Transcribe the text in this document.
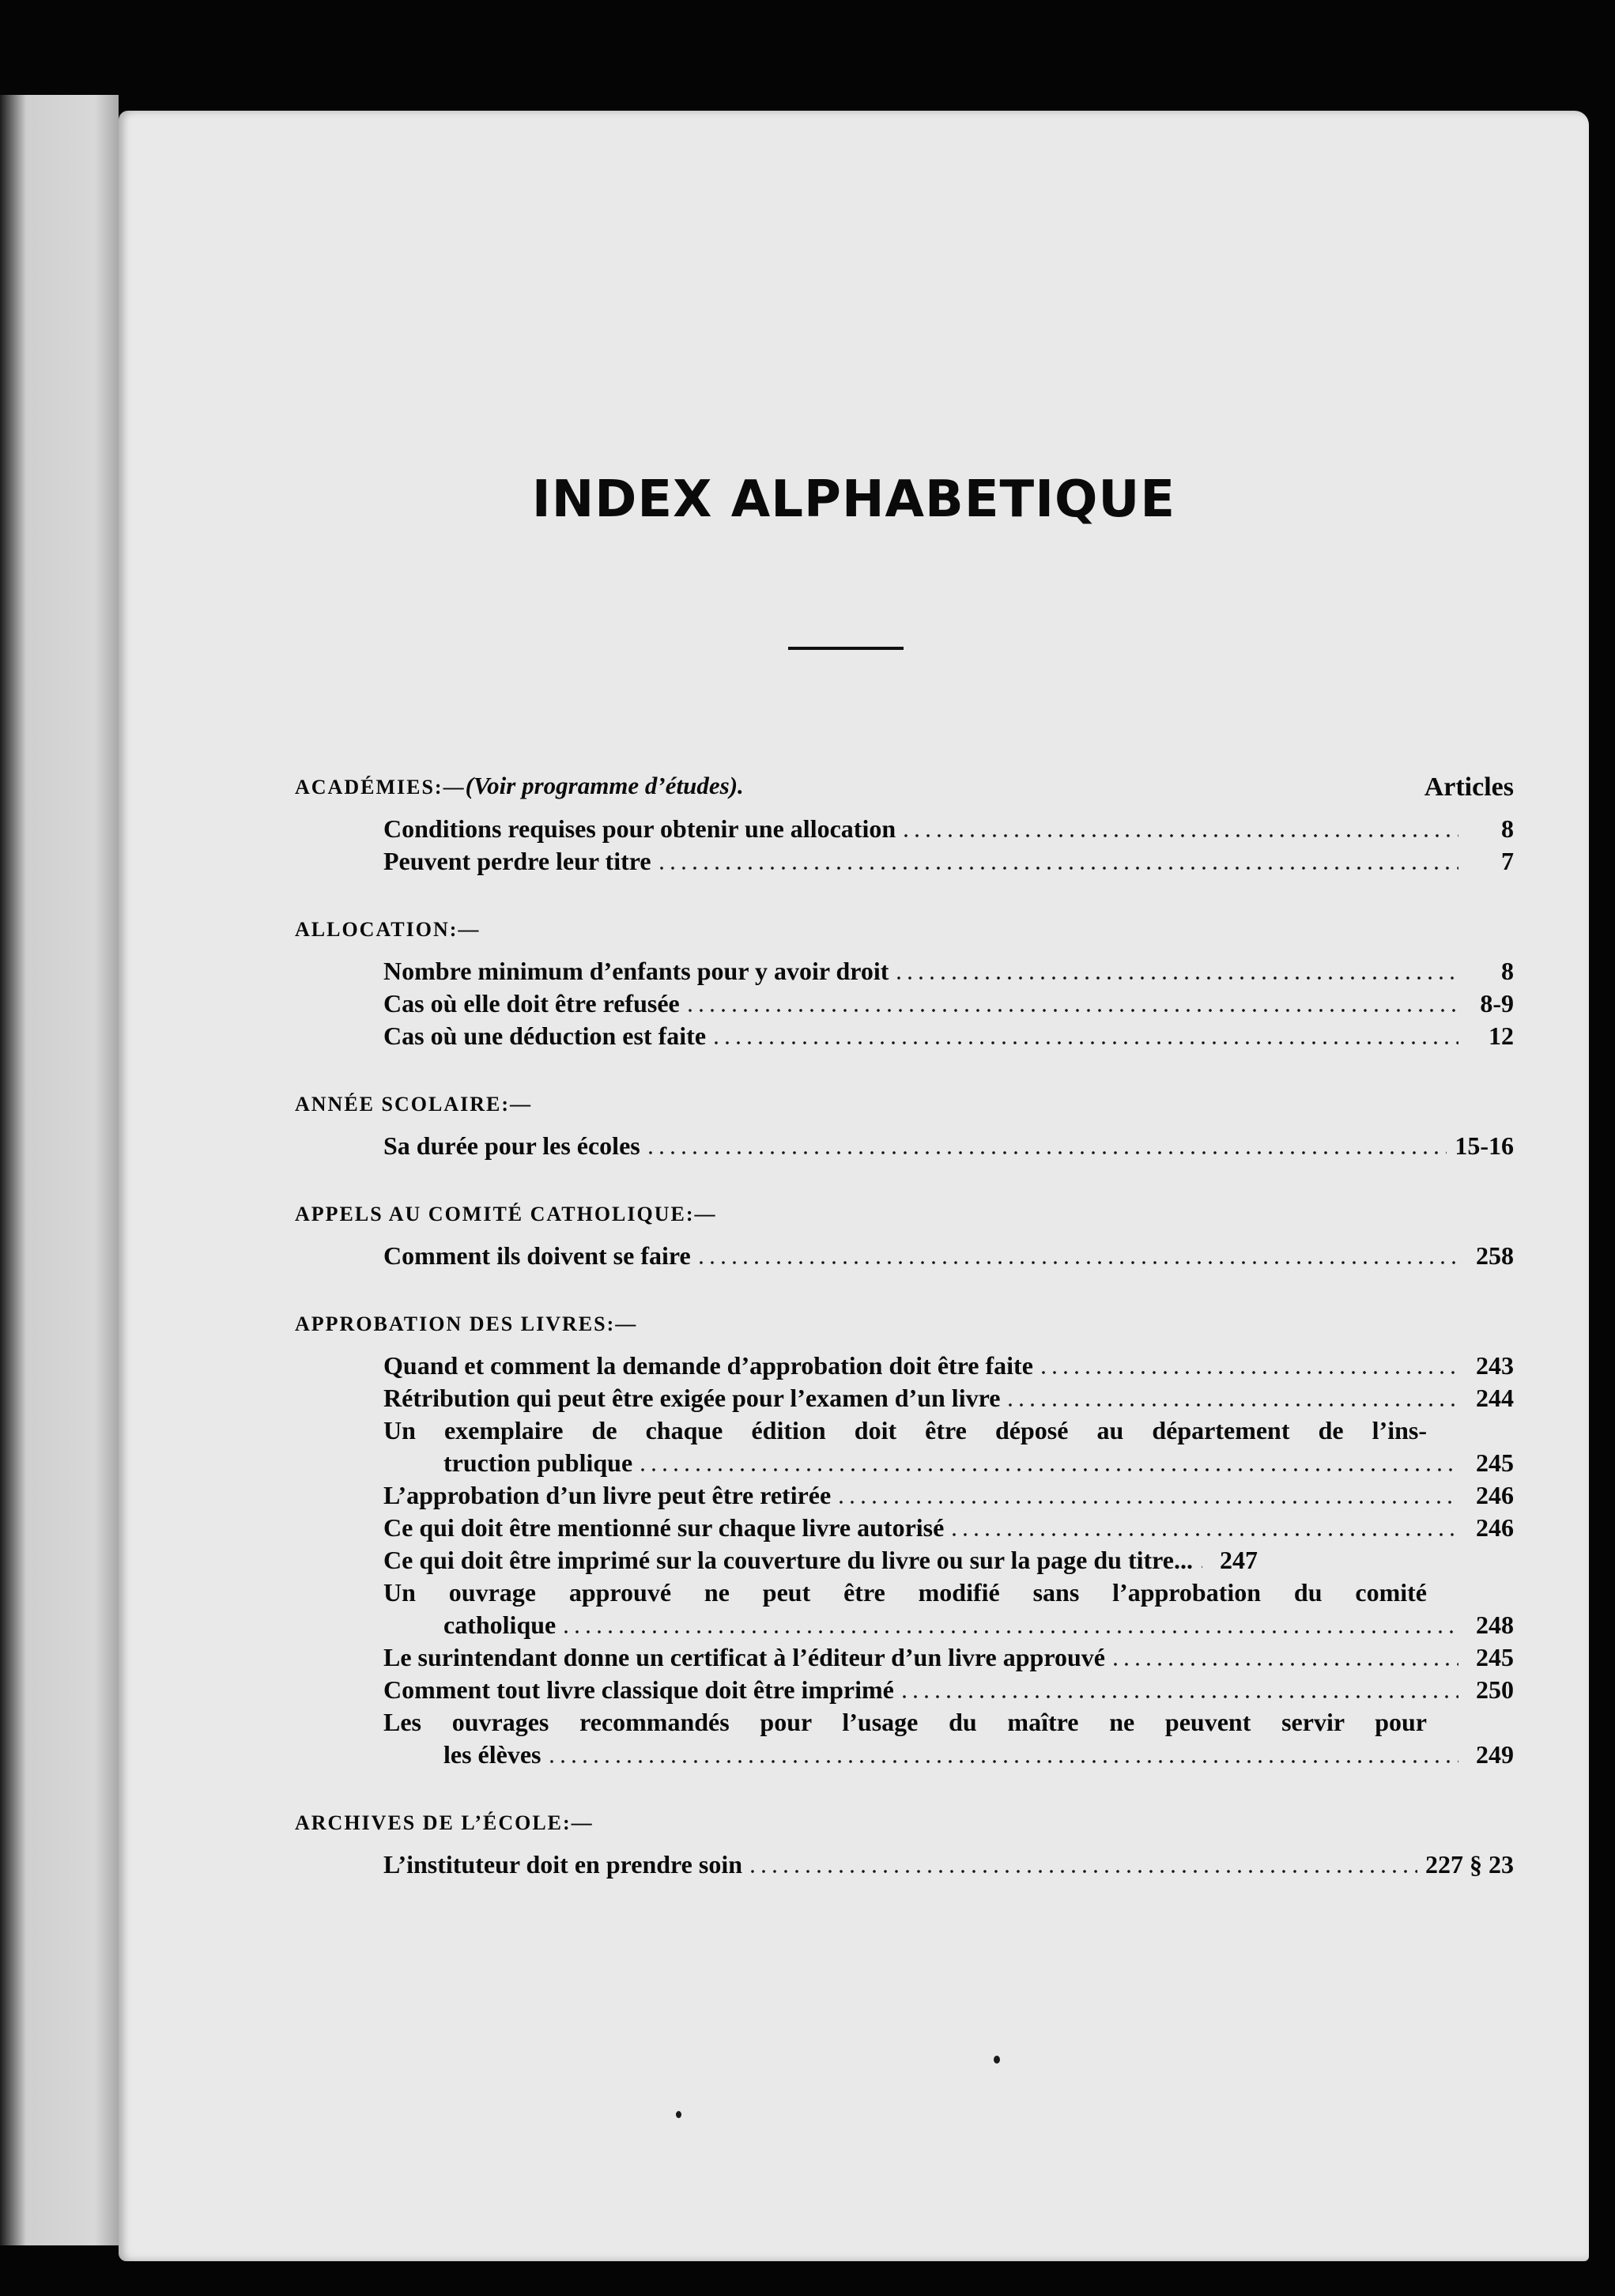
INDEX ALPHABETIQUE
ACADÉMIES:—(Voir programme d’études).	Articles
Conditions requises pour obtenir une allocation	8
Peuvent perdre leur titre	7
ALLOCATION:—
Nombre minimum d’enfants pour y avoir droit	8
Cas où elle doit être refusée	8-9
Cas où une déduction est faite	12
ANNÉE SCOLAIRE:—
Sa durée pour les écoles	15-16
APPELS AU COMITÉ CATHOLIQUE:—
Comment ils doivent se faire	258
APPROBATION DES LIVRES:—
Quand et comment la demande d’approbation doit être faite	243
Rétribution qui peut être exigée pour l’examen d’un livre	244
Un exemplaire de chaque édition doit être déposé au département de l’ins-
truction publique	245
L’approbation d’un livre peut être retirée	246
Ce qui doit être mentionné sur chaque livre autorisé	246
Ce qui doit être imprimé sur la couverture du livre ou sur la page du titre...	247
Un ouvrage approuvé ne peut être modifié sans l’approbation du comité
catholique	248
Le surintendant donne un certificat à l’éditeur d’un livre approuvé	245
Comment tout livre classique doit être imprimé	250
Les ouvrages recommandés pour l’usage du maître ne peuvent servir pour
les élèves	249
ARCHIVES DE L’ÉCOLE:—
L’instituteur doit en prendre soin	227 § 23
